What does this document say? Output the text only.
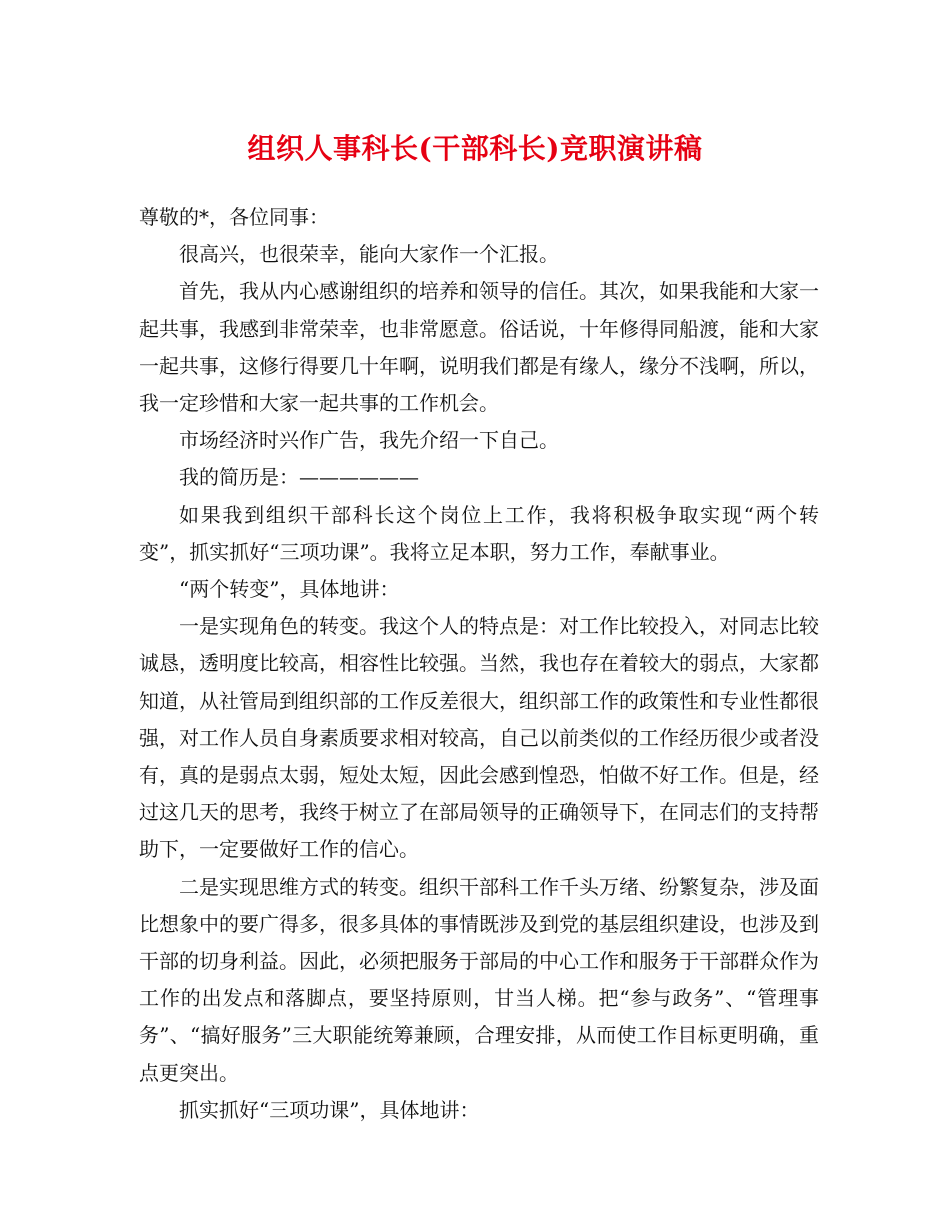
组织人事科长(干部科长)竞职演讲稿

尊敬的*，各位同事：

很高兴，也很荣幸，能向大家作一个汇报。

首先，我从内心感谢组织的培养和领导的信任。其次，如果我能和大家一起共事，我感到非常荣幸，也非常愿意。俗话说，十年修得同船渡，能和大家一起共事，这修行得要几十年啊，说明我们都是有缘人，缘分不浅啊，所以，我一定珍惜和大家一起共事的工作机会。

市场经济时兴作广告，我先介绍一下自己。

我的简历是：——————

如果我到组织干部科长这个岗位上工作，我将积极争取实现“两个转变”，抓实抓好“三项功课”。我将立足本职，努力工作，奉献事业。

“两个转变”，具体地讲：

一是实现角色的转变。我这个人的特点是：对工作比较投入，对同志比较诚恳，透明度比较高，相容性比较强。当然，我也存在着较大的弱点，大家都知道，从社管局到组织部的工作反差很大，组织部工作的政策性和专业性都很强，对工作人员自身素质要求相对较高，自己以前类似的工作经历很少或者没有，真的是弱点太弱，短处太短，因此会感到惶恐，怕做不好工作。但是，经过这几天的思考，我终于树立了在部局领导的正确领导下，在同志们的支持帮助下，一定要做好工作的信心。

二是实现思维方式的转变。组织干部科工作千头万绪、纷繁复杂，涉及面比想象中的要广得多，很多具体的事情既涉及到党的基层组织建设，也涉及到干部的切身利益。因此，必须把服务于部局的中心工作和服务于干部群众作为工作的出发点和落脚点，要坚持原则，甘当人梯。把“参与政务”、“管理事务”、“搞好服务”三大职能统筹兼顾，合理安排，从而使工作目标更明确，重点更突出。

抓实抓好“三项功课”，具体地讲：
